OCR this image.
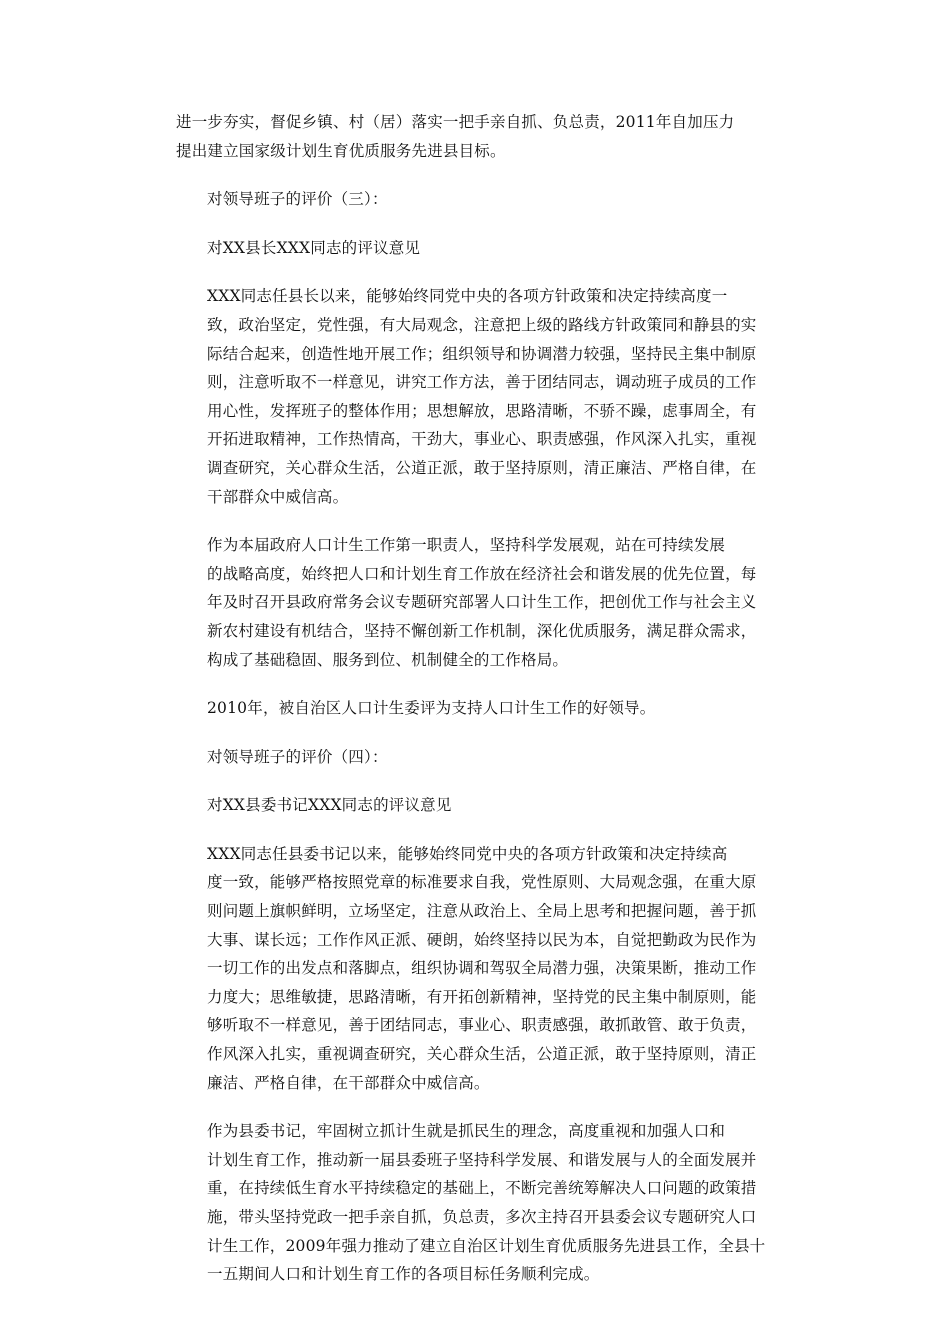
进一步夯实，督促乡镇、村（居）落实一把手亲自抓、负总责，2011年自加压力
提出建立国家级计划生育优质服务先进县目标。
对领导班子的评价（三）：
对XX县长XXX同志的评议意见
XXX同志任县长以来，能够始终同党中央的各项方针政策和决定持续高度一
致，政治坚定，党性强，有大局观念，注意把上级的路线方针政策同和静县的实
际结合起来，创造性地开展工作；组织领导和协调潜力较强，坚持民主集中制原
则，注意听取不一样意见，讲究工作方法，善于团结同志，调动班子成员的工作
用心性，发挥班子的整体作用；思想解放，思路清晰，不骄不躁，虑事周全，有
开拓进取精神，工作热情高，干劲大，事业心、职责感强，作风深入扎实，重视
调查研究，关心群众生活，公道正派，敢于坚持原则，清正廉洁、严格自律，在
干部群众中威信高。
作为本届政府人口计生工作第一职责人，坚持科学发展观，站在可持续发展
的战略高度，始终把人口和计划生育工作放在经济社会和谐发展的优先位置，每
年及时召开县政府常务会议专题研究部署人口计生工作，把创优工作与社会主义
新农村建设有机结合，坚持不懈创新工作机制，深化优质服务，满足群众需求，
构成了基础稳固、服务到位、机制健全的工作格局。
2010年，被自治区人口计生委评为支持人口计生工作的好领导。
对领导班子的评价（四）：
对XX县委书记XXX同志的评议意见
XXX同志任县委书记以来，能够始终同党中央的各项方针政策和决定持续高
度一致，能够严格按照党章的标准要求自我，党性原则、大局观念强，在重大原
则问题上旗帜鲜明，立场坚定，注意从政治上、全局上思考和把握问题，善于抓
大事、谋长远；工作作风正派、硬朗，始终坚持以民为本，自觉把勤政为民作为
一切工作的出发点和落脚点，组织协调和驾驭全局潜力强，决策果断，推动工作
力度大；思维敏捷，思路清晰，有开拓创新精神，坚持党的民主集中制原则，能
够听取不一样意见，善于团结同志，事业心、职责感强，敢抓敢管、敢于负责，
作风深入扎实，重视调查研究，关心群众生活，公道正派，敢于坚持原则，清正
廉洁、严格自律，在干部群众中威信高。
作为县委书记，牢固树立抓计生就是抓民生的理念，高度重视和加强人口和
计划生育工作，推动新一届县委班子坚持科学发展、和谐发展与人的全面发展并
重，在持续低生育水平持续稳定的基础上，不断完善统筹解决人口问题的政策措
施，带头坚持党政一把手亲自抓，负总责，多次主持召开县委会议专题研究人口
计生工作，2009年强力推动了建立自治区计划生育优质服务先进县工作，全县十
一五期间人口和计划生育工作的各项目标任务顺利完成。
